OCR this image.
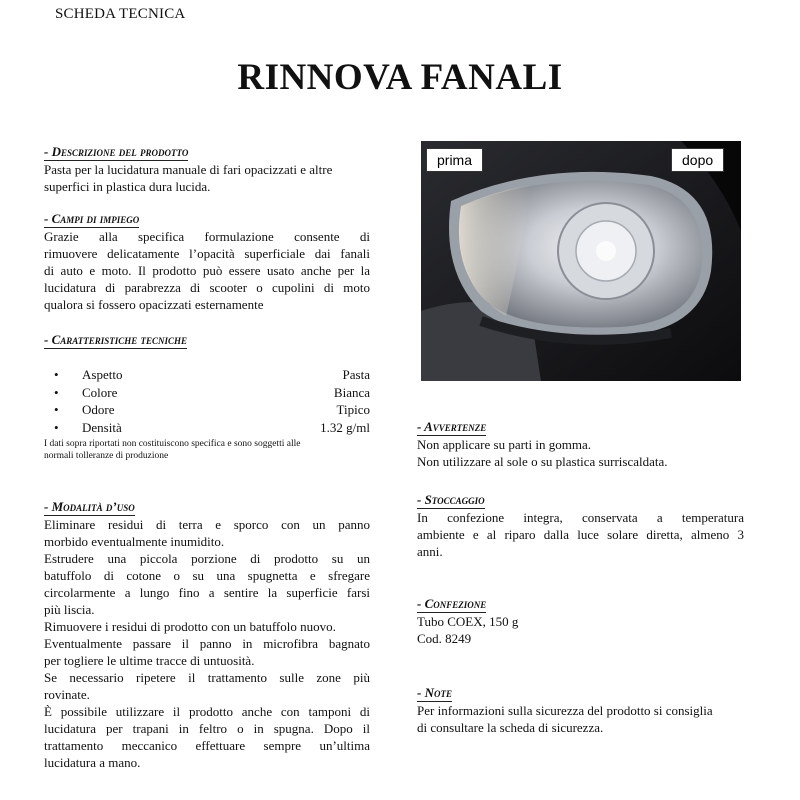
SCHEDA TECNICA
RINNOVA FANALI
- Descrizione del prodotto

Pasta per la lucidatura manuale di fari opacizzati e altre

superfici in plastica dura lucida.

- Campi di impiego

Grazie alla specifica formulazione consente di

rimuovere delicatamente l’opacità superficiale dai fanali

di auto e moto. Il prodotto può essere usato anche per la

lucidatura di parabrezza di scooter o cupolini di moto

qualora si fossero opacizzati esternamente

- Caratteristiche tecniche
• Aspetto	Pasta
• Colore	Bianca
• Odore	Tipico
• Densità	1.32 g/ml

I dati sopra riportati non costituiscono specifica e sono soggetti alle

normali tolleranze di produzione

- Modalità d’uso

Eliminare residui di terra e sporco con un panno

morbido eventualmente inumidito.

Estrudere una piccola porzione di prodotto su un

batuffolo di cotone o su una spugnetta e sfregare

circolarmente a lungo fino a sentire la superficie farsi

più liscia.

Rimuovere i residui di prodotto con un batuffolo nuovo.

Eventualmente passare il panno in microfibra bagnato

per togliere le ultime tracce di untuosità.

Se necessario ripetere il trattamento sulle zone più

rovinate.

È possibile utilizzare il prodotto anche con tamponi di

lucidatura per trapani in feltro o in spugna. Dopo il

trattamento meccanico effettuare sempre un’ultima

lucidatura a mano.

prima	dopo
- Avvertenze

Non applicare su parti in gomma.

Non utilizzare al sole o su plastica surriscaldata.

- Stoccaggio

In confezione integra, conservata a temperatura

ambiente e al riparo dalla luce solare diretta, almeno 3

anni.

- Confezione

Tubo COEX, 150 g

Cod. 8249

- Note

Per informazioni sulla sicurezza del prodotto si consiglia

di consultare la scheda di sicurezza.
